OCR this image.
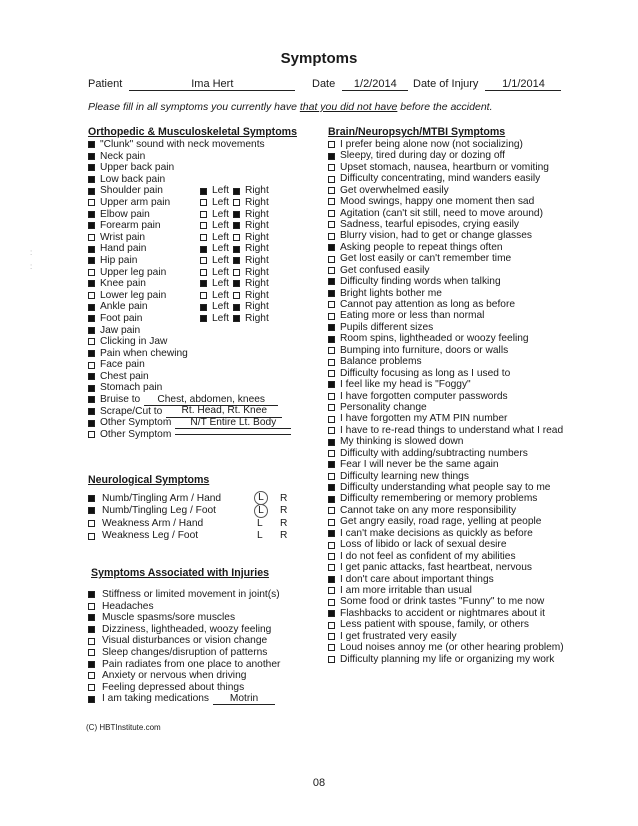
:
:
Symptoms
Patient	Ima Hert	Date 1/2/2014	Date of Injury 1/1/2014
Please fill in all symptoms you currently have that you did not have before the accident.
Orthopedic & Musculoskeletal Symptoms
"Clunk" sound with neck movements
Neck pain
Upper back pain
Low back pain
Shoulder pain	Left Right
Upper arm pain	Left Right
Elbow pain	Left Right
Forearm pain	Left Right
Wrist pain	Left Right
Hand pain	Left Right
Hip pain	Left Right
Upper leg pain	Left Right
Knee pain	Left Right
Lower leg pain	Left Right
Ankle pain	Left Right
Foot pain	Left Right
Jaw pain
Clicking in Jaw
Pain when chewing
Face pain
Chest pain
Stomach pain
Bruise to	Chest, abdomen, knees
Scrape/Cut to	Rt. Head, Rt. Knee
Other Symptom	N/T Entire Lt. Body
Other Symptom
Neurological Symptoms
Numb/Tingling Arm / Hand	L	R
Numb/Tingling Leg / Foot	L	R
Weakness Arm / Hand	L R
Weakness Leg / Foot	L R
Symptoms Associated with Injuries
Stiffness or limited movement in joint(s)
Headaches
Muscle spasms/sore muscles
Dizziness, lightheaded, woozy feeling
Visual disturbances or vision change
Sleep changes/disruption of patterns
Pain radiates from one place to another
Anxiety or nervous when driving
Feeling depressed about things
I am taking medications	Motrin
Brain/Neuropsych/MTBI Symptoms
I prefer being alone now (not socializing)
Sleepy, tired during day or dozing off
Upset stomach, nausea, heartburn or vomiting
Difficulty concentrating, mind wanders easily
Get overwhelmed easily
Mood swings, happy one moment then sad
Agitation (can't sit still, need to move around)
Sadness, tearful episodes, crying easily
Blurry vision, had to get or change glasses
Asking people to repeat things often
Get lost easily or can't remember time
Get confused easily
Difficulty finding words when talking
Bright lights bother me
Cannot pay attention as long as before
Eating more or less than normal
Pupils different sizes
Room spins, lightheaded or woozy feeling
Bumping into furniture, doors or walls
Balance problems
Difficulty focusing as long as I used to
I feel like my head is "Foggy"
I have forgotten computer passwords
Personality change
I have forgotten my ATM PIN number
I have to re-read things to understand what I read
My thinking is slowed down
Difficulty with adding/subtracting numbers
Fear I will never be the same again
Difficulty learning new things
Difficulty understanding what people say to me
Difficulty remembering or memory problems
Cannot take on any more responsibility
Get angry easily, road rage, yelling at people
I can't make decisions as quickly as before
Loss of libido or lack of sexual desire
I do not feel as confident of my abilities
I get panic attacks, fast heartbeat, nervous
I don't care about important things
I am more irritable than usual
Some food or drink tastes "Funny" to me now
Flashbacks to accident or nightmares about it
Less patient with spouse, family, or others
I get frustrated very easily
Loud noises annoy me (or other hearing problem)
Difficulty planning my life or organizing my work
(C) HBTInstitute.com
08
